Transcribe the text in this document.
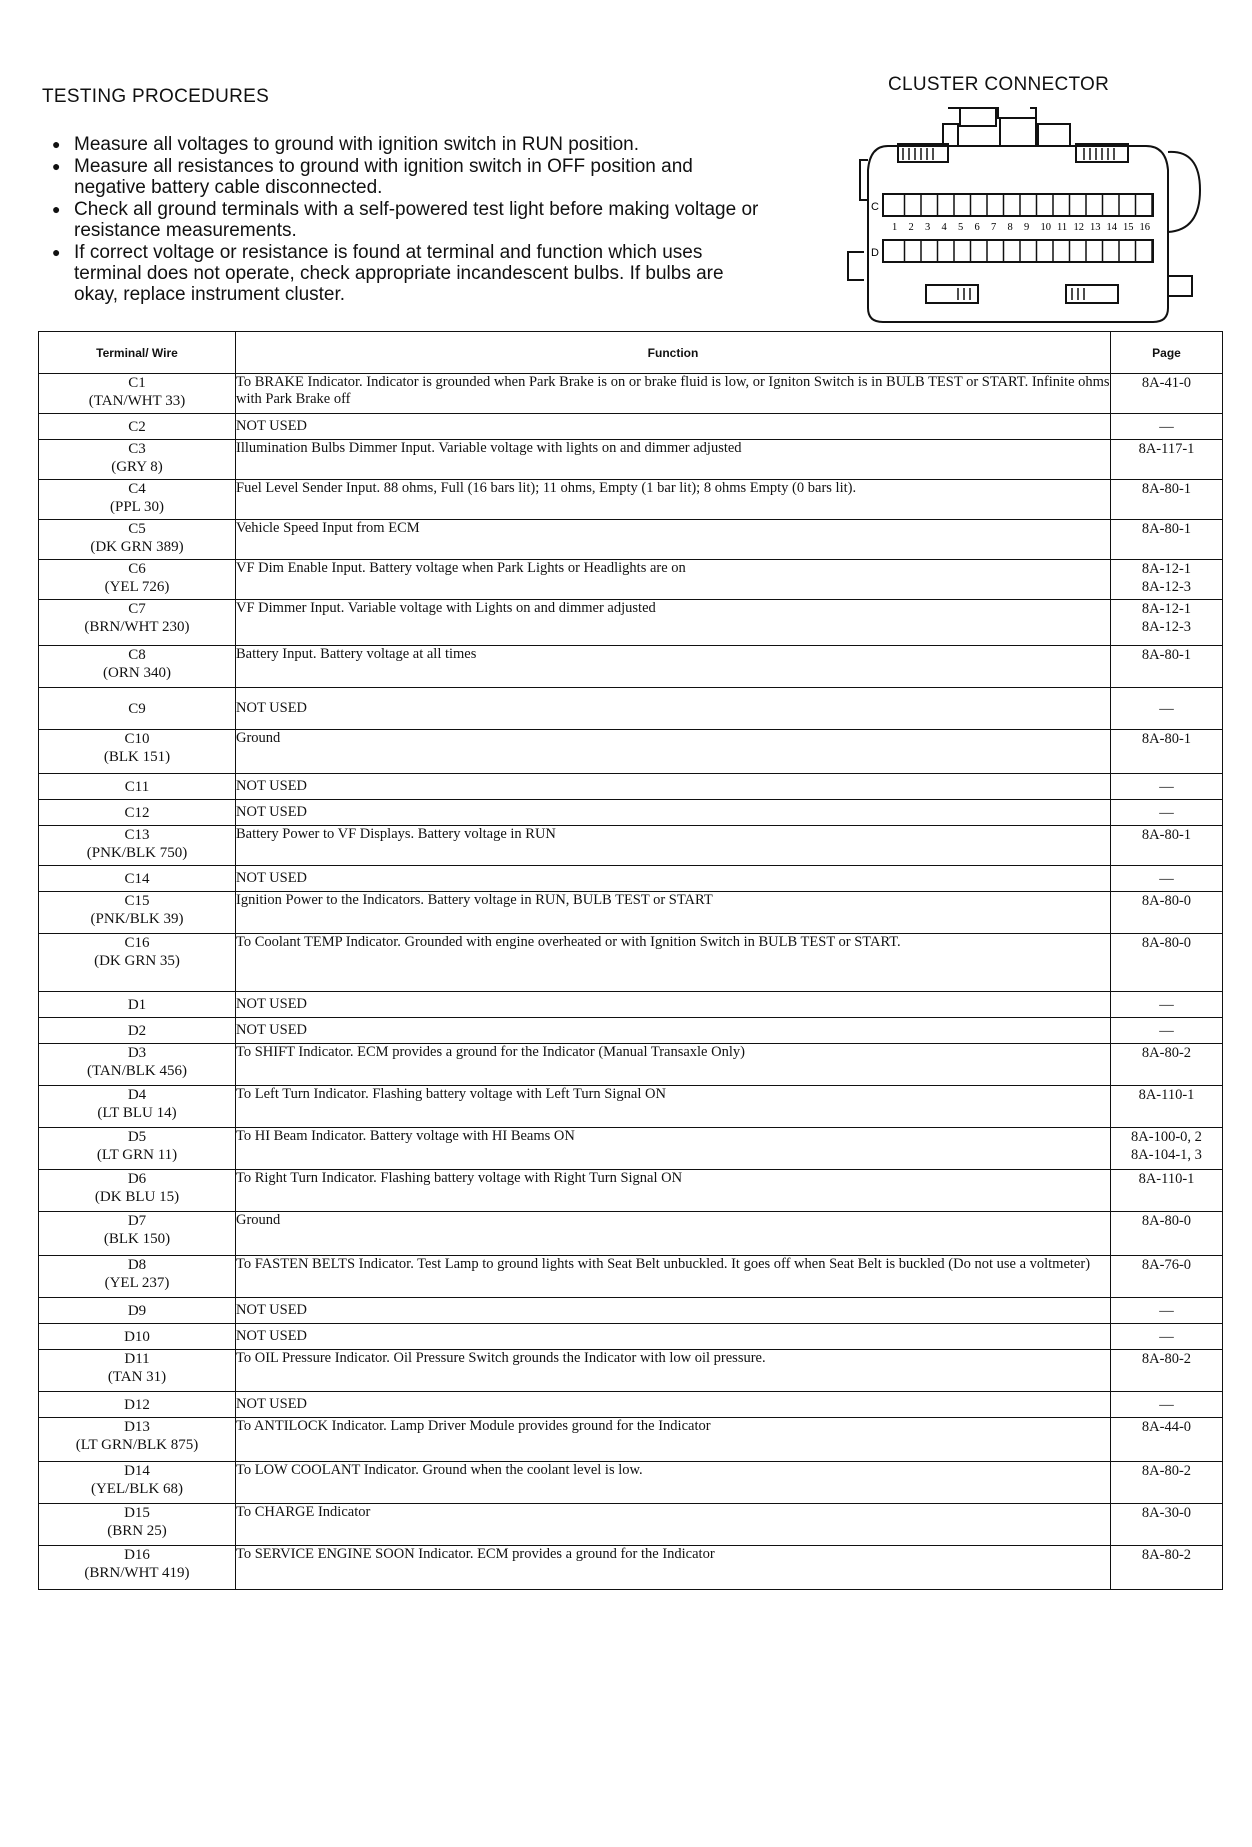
TESTING PROCEDURES
● Measure all voltages to ground with ignition switch in RUN position.
● Measure all resistances to ground with ignition switch in OFF position and negative battery cable disconnected.
● Check all ground terminals with a self-powered test light before making voltage or resistance measurements.
● If correct voltage or resistance is found at terminal and function which uses terminal does not operate, check appropriate incandescent bulbs. If bulbs are okay, replace instrument cluster.
CLUSTER CONNECTOR
C
D
1 2 3 4 5 6 7 8 9 10 11 12 13 14 15 16
Terminal/ Wire	Function	Page

C1
(TAN/WHT 33)	To BRAKE Indicator. Indicator is grounded when Park Brake is on or brake fluid is low, or Igniton Switch is in BULB TEST or START. Infinite ohms with Park Brake off	8A-41-0

C2	NOT USED	—

C3
(GRY 8)	Illumination Bulbs Dimmer Input. Variable voltage with lights on and dimmer adjusted	8A-117-1

C4
(PPL 30)	Fuel Level Sender Input. 88 ohms, Full (16 bars lit); 11 ohms, Empty (1 bar lit); 8 ohms Empty (0 bars lit).	8A-80-1

C5
(DK GRN 389)	Vehicle Speed Input from ECM	8A-80-1

C6
(YEL 726)	VF Dim Enable Input. Battery voltage when Park Lights or Headlights are on	8A-12-1
8A-12-3

C7
(BRN/WHT 230)	VF Dimmer Input. Variable voltage with Lights on and dimmer adjusted	8A-12-1
8A-12-3

C8
(ORN 340)	Battery Input. Battery voltage at all times	8A-80-1

C9	NOT USED	—

C10
(BLK 151)	Ground	8A-80-1

C11	NOT USED	—

C12	NOT USED	—

C13
(PNK/BLK 750)	Battery Power to VF Displays. Battery voltage in RUN	8A-80-1

C14	NOT USED	—

C15
(PNK/BLK 39)	Ignition Power to the Indicators. Battery voltage in RUN, BULB TEST or START	8A-80-0

C16
(DK GRN 35)	To Coolant TEMP Indicator. Grounded with engine overheated or with Ignition Switch in BULB TEST or START.	8A-80-0

D1	NOT USED	—

D2	NOT USED	—

D3
(TAN/BLK 456)	To SHIFT Indicator. ECM provides a ground for the Indicator (Manual Transaxle Only)	8A-80-2

D4
(LT BLU 14)	To Left Turn Indicator. Flashing battery voltage with Left Turn Signal ON	8A-110-1

D5
(LT GRN 11)	To HI Beam Indicator. Battery voltage with HI Beams ON	8A-100-0, 2
8A-104-1, 3

D6
(DK BLU 15)	To Right Turn Indicator. Flashing battery voltage with Right Turn Signal ON	8A-110-1

D7
(BLK 150)	Ground	8A-80-0

D8
(YEL 237)	To FASTEN BELTS Indicator. Test Lamp to ground lights with Seat Belt unbuckled. It goes off when Seat Belt is buckled (Do not use a voltmeter)	8A-76-0

D9	NOT USED	—

D10	NOT USED	—

D11
(TAN 31)	To OIL Pressure Indicator. Oil Pressure Switch grounds the Indicator with low oil pressure.	8A-80-2

D12	NOT USED	—

D13
(LT GRN/BLK 875)	To ANTILOCK Indicator. Lamp Driver Module provides ground for the Indicator	8A-44-0

D14
(YEL/BLK 68)	To LOW COOLANT Indicator. Ground when the coolant level is low.	8A-80-2

D15
(BRN 25)	To CHARGE Indicator	8A-30-0

D16
(BRN/WHT 419)	To SERVICE ENGINE SOON Indicator. ECM provides a ground for the Indicator	8A-80-2
